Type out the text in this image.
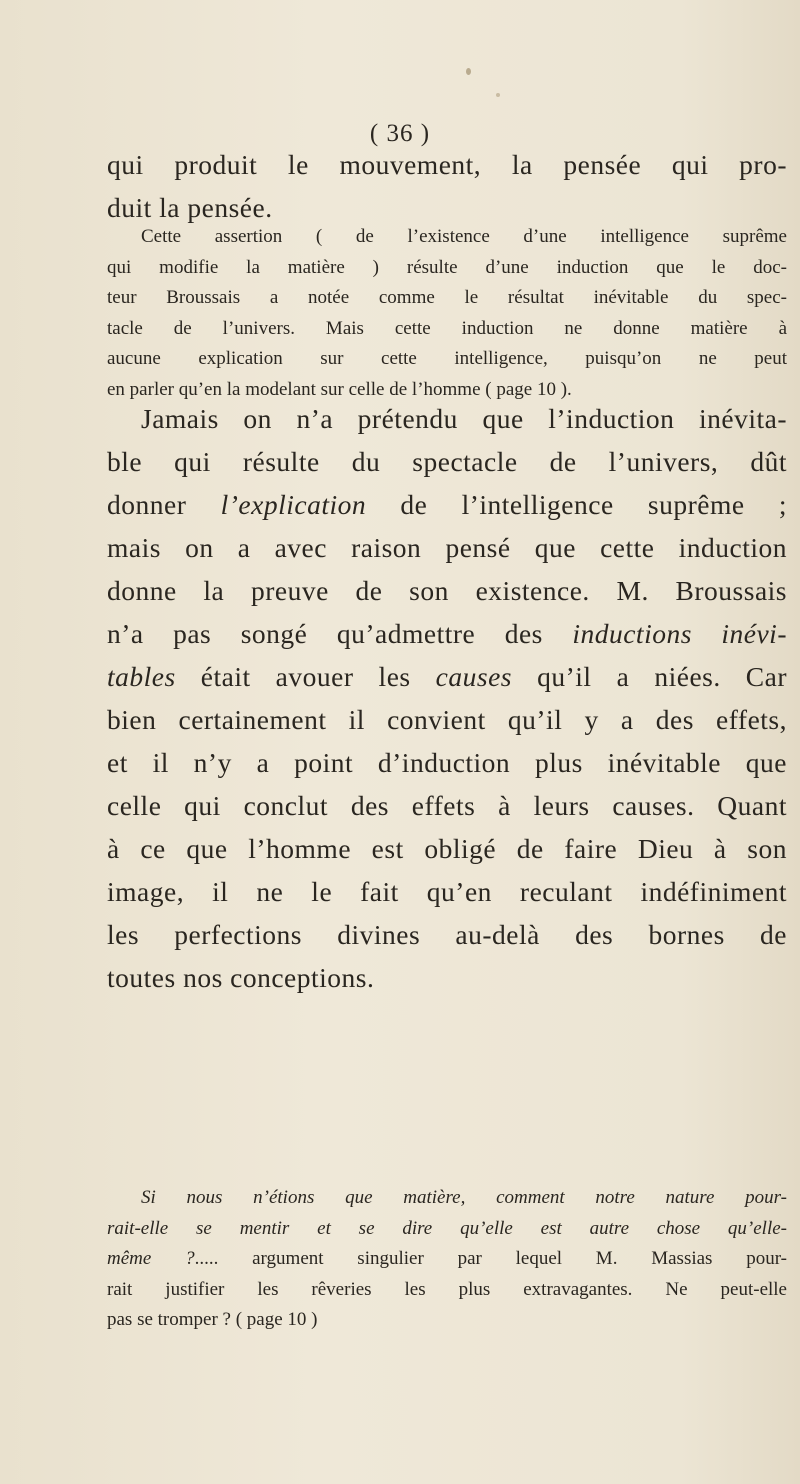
( 36 )
qui produit le mouvement, la pensée qui pro-
duit la pensée.
Cette assertion ( de l’existence d’une intelligence suprême
qui modifie la matière ) résulte d’une induction que le doc-
teur Broussais a notée comme le résultat inévitable du spec-
tacle de l’univers. Mais cette induction ne donne matière à
aucune explication sur cette intelligence, puisqu’on ne peut
en parler qu’en la modelant sur celle de l’homme ( page 10 ).
Jamais on n’a prétendu que l’induction inévita-
ble qui résulte du spectacle de l’univers, dût
donner l’explication de l’intelligence suprême ;
mais on a avec raison pensé que cette induction
donne la preuve de son existence. M. Broussais
n’a pas songé qu’admettre des inductions inévi-
tables était avouer les causes qu’il a niées. Car
bien certainement il convient qu’il y a des effets,
et il n’y a point d’induction plus inévitable que
celle qui conclut des effets à leurs causes. Quant
à ce que l’homme est obligé de faire Dieu à son
image, il ne le fait qu’en reculant indéfiniment
les perfections divines au-delà des bornes de
toutes nos conceptions.
Si nous n’étions que matière, comment notre nature pour-
rait-elle se mentir et se dire qu’elle est autre chose qu’elle-
même ?..... argument singulier par lequel M. Massias pour-
rait justifier les rêveries les plus extravagantes. Ne peut-elle
pas se tromper ? ( page 10 )
